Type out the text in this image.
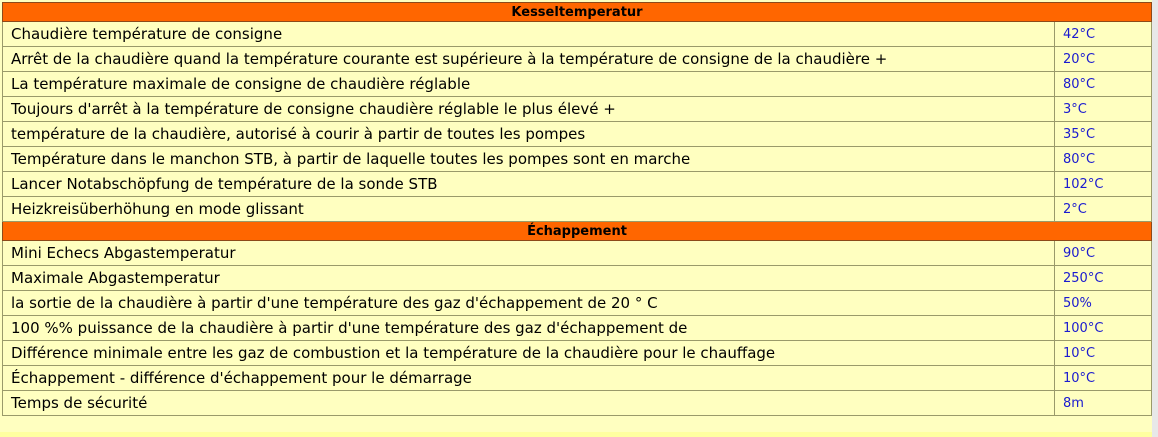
Kesseltemperatur	
Chaudière température de consigne	42°C
Arrêt de la chaudière quand la température courante est supérieure à la température de consigne de la chaudière +	20°C
La température maximale de consigne de chaudière réglable	80°C
Toujours d'arrêt à la température de consigne chaudière réglable le plus élevé +	3°C
température de la chaudière, autorisé à courir à partir de toutes les pompes	35°C
Température dans le manchon STB, à partir de laquelle toutes les pompes sont en marche	80°C
Lancer Notabschöpfung de température de la sonde STB	102°C
Heizkreisüberhöhung en mode glissant	2°C
Échappement	
Mini Echecs Abgastemperatur	90°C
Maximale Abgastemperatur	250°C
la sortie de la chaudière à partir d'une température des gaz d'échappement de 20 ° C	50%
100 %% puissance de la chaudière à partir d'une température des gaz d'échappement de	100°C
Différence minimale entre les gaz de combustion et la température de la chaudière pour le chauffage	10°C
Échappement - différence d'échappement pour le démarrage	10°C
Temps de sécurité	8m
